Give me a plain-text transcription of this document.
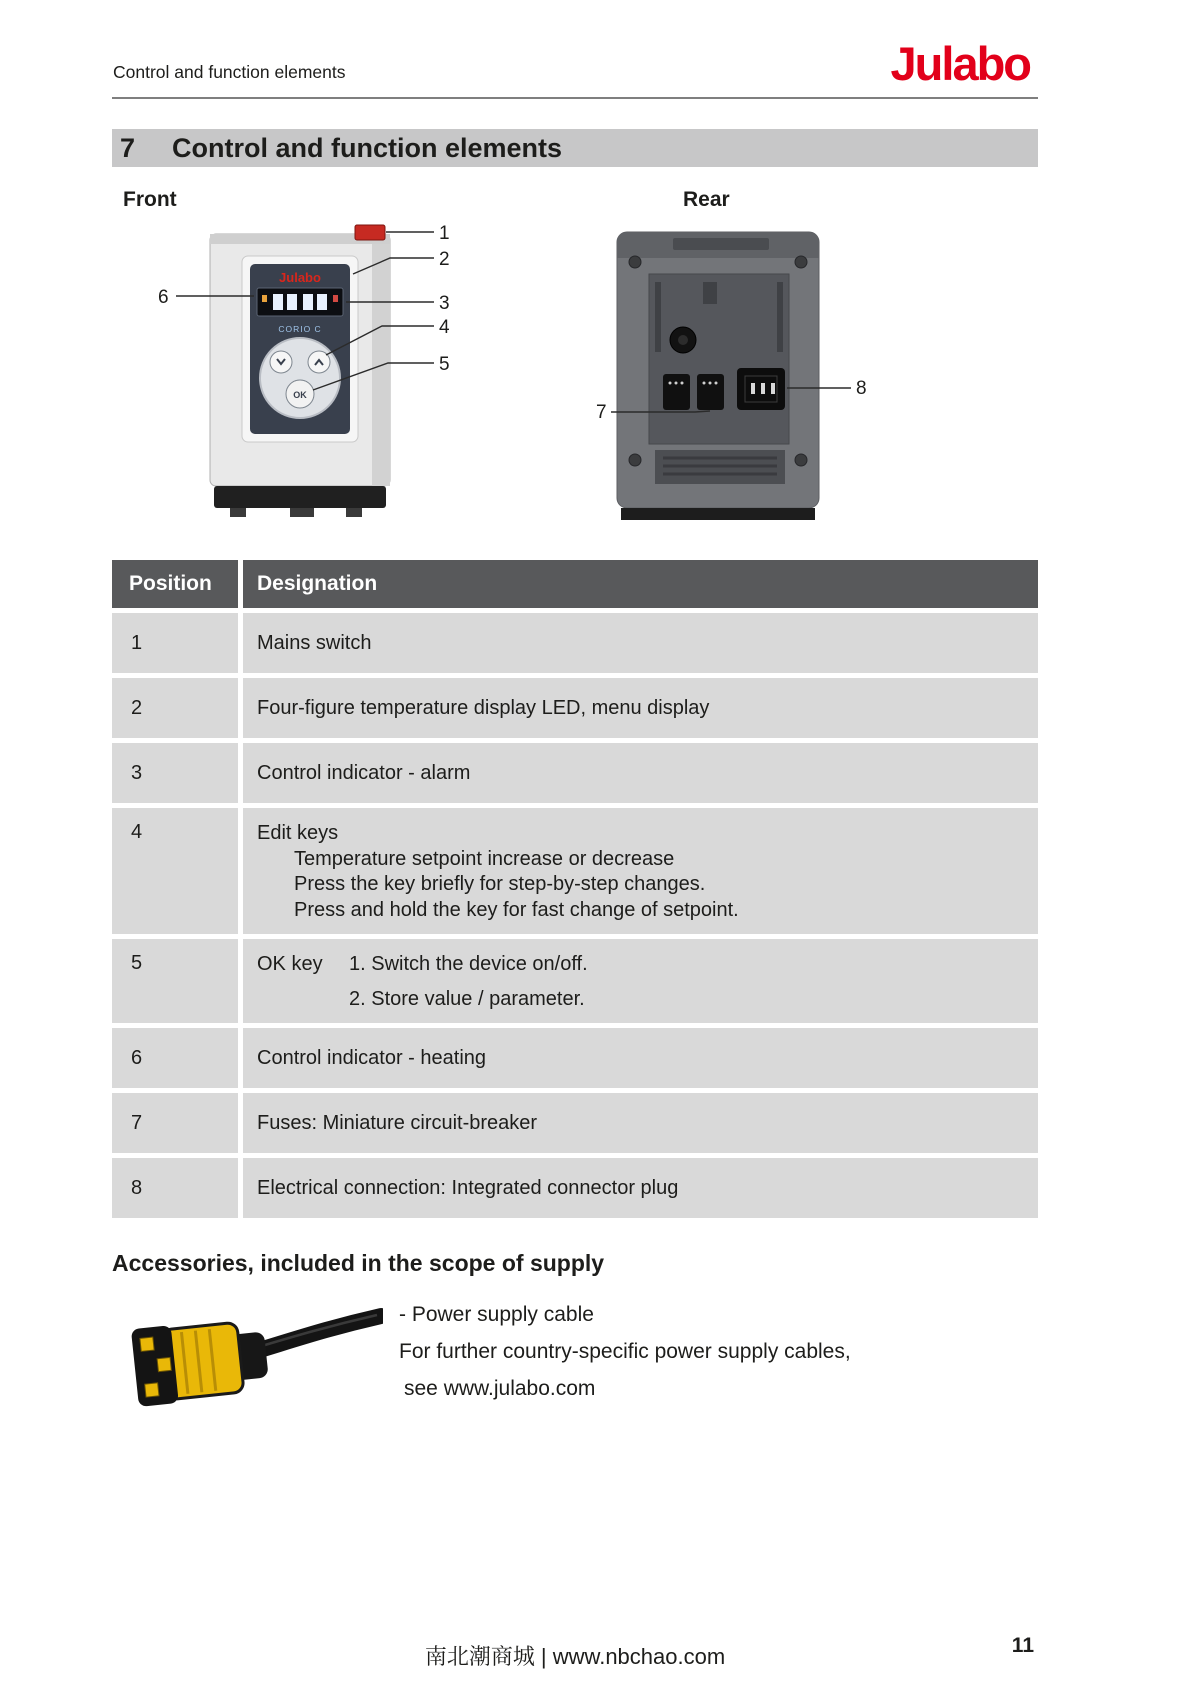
Control and function elements	Julabo
7	Control and function elements
Front	Rear
Julabo
CORIO C
OK
1
2
3
4
5
6
8
7
Position	Designation
1	Mains switch
2	Four-figure temperature display LED, menu display
3	Control indicator - alarm
4	Edit keys
Temperature setpoint increase or decrease
Press the key briefly for step-by-step changes.
Press and hold the key for fast change of setpoint.
5	OK key	1. Switch the device on/off.
2. Store value / parameter.
6	Control indicator - heating
7	Fuses: Miniature circuit-breaker
8	Electrical connection: Integrated connector plug
Accessories, included in the scope of supply
- Power supply cable
For further country-specific power supply cables,
see www.julabo.com
南北潮商城 | www.nbchao.com	11
